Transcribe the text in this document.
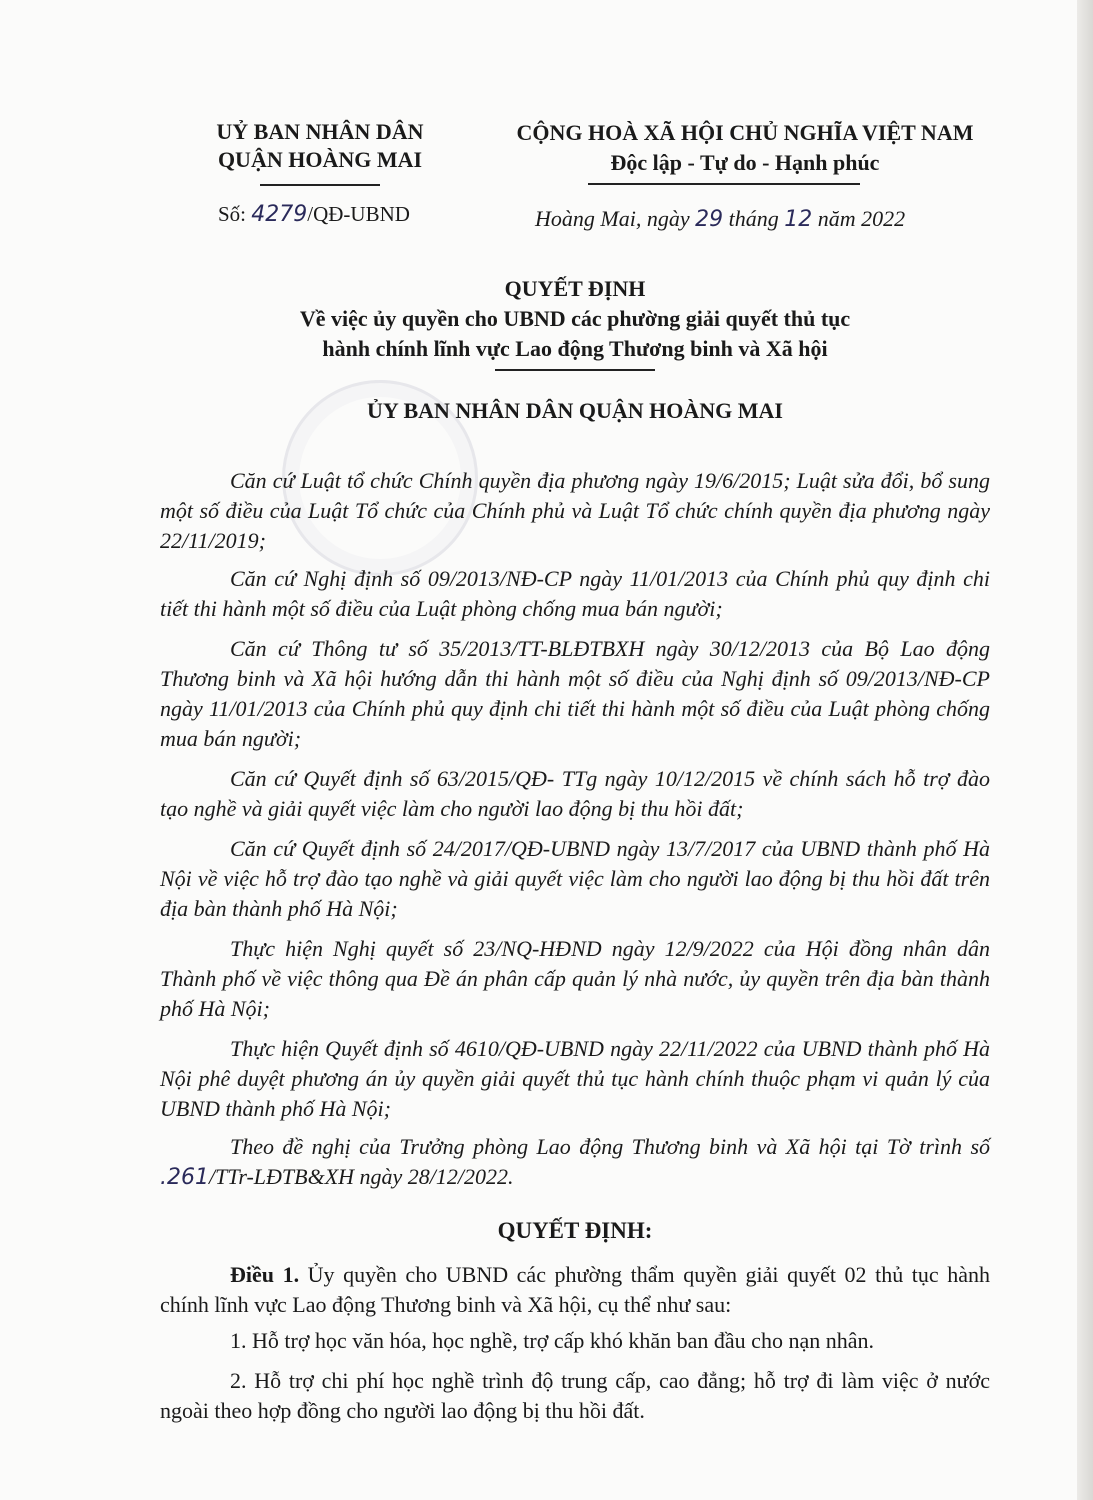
UỶ BAN NHÂN DÂN
QUẬN HOÀNG MAI
CỘNG HOÀ XÃ HỘI CHỦ NGHĨA VIỆT NAM
Độc lập - Tự do - Hạnh phúc
Số: 4279/QĐ-UBND	Hoàng Mai, ngày 29 tháng 12 năm 2022
QUYẾT ĐỊNH
Về việc ủy quyền cho UBND các phường giải quyết thủ tục
hành chính lĩnh vực Lao động Thương binh và Xã hội
ỦY BAN NHÂN DÂN QUẬN HOÀNG MAI
Căn cứ Luật tổ chức Chính quyền địa phương ngày 19/6/2015; Luật sửa đổi, bổ sung một số điều của Luật Tổ chức của Chính phủ và Luật Tổ chức chính quyền địa phương ngày 22/11/2019;
Căn cứ Nghị định số 09/2013/NĐ-CP ngày 11/01/2013 của Chính phủ quy định chi tiết thi hành một số điều của Luật phòng chống mua bán người;
Căn cứ Thông tư số 35/2013/TT-BLĐTBXH ngày 30/12/2013 của Bộ Lao động Thương binh và Xã hội hướng dẫn thi hành một số điều của Nghị định số 09/2013/NĐ-CP ngày 11/01/2013 của Chính phủ quy định chi tiết thi hành một số điều của Luật phòng chống mua bán người;
Căn cứ Quyết định số 63/2015/QĐ- TTg ngày 10/12/2015 về chính sách hỗ trợ đào tạo nghề và giải quyết việc làm cho người lao động bị thu hồi đất;
Căn cứ Quyết định số 24/2017/QĐ-UBND ngày 13/7/2017 của UBND thành phố Hà Nội về việc hỗ trợ đào tạo nghề và giải quyết việc làm cho người lao động bị thu hồi đất trên địa bàn thành phố Hà Nội;
Thực hiện Nghị quyết số 23/NQ-HĐND ngày 12/9/2022 của Hội đồng nhân dân Thành phố về việc thông qua Đề án phân cấp quản lý nhà nước, ủy quyền trên địa bàn thành phố Hà Nội;
Thực hiện Quyết định số 4610/QĐ-UBND ngày 22/11/2022 của UBND thành phố Hà Nội phê duyệt phương án ủy quyền giải quyết thủ tục hành chính thuộc phạm vi quản lý của UBND thành phố Hà Nội;
Theo đề nghị của Trưởng phòng Lao động Thương binh và Xã hội tại Tờ trình số .261/TTr-LĐTB&XH ngày 28/12/2022.
QUYẾT ĐỊNH:
Điều 1. Ủy quyền cho UBND các phường thẩm quyền giải quyết 02 thủ tục hành chính lĩnh vực Lao động Thương binh và Xã hội, cụ thể như sau:
1. Hỗ trợ học văn hóa, học nghề, trợ cấp khó khăn ban đầu cho nạn nhân.
2. Hỗ trợ chi phí học nghề trình độ trung cấp, cao đẳng; hỗ trợ đi làm việc ở nước ngoài theo hợp đồng cho người lao động bị thu hồi đất.
